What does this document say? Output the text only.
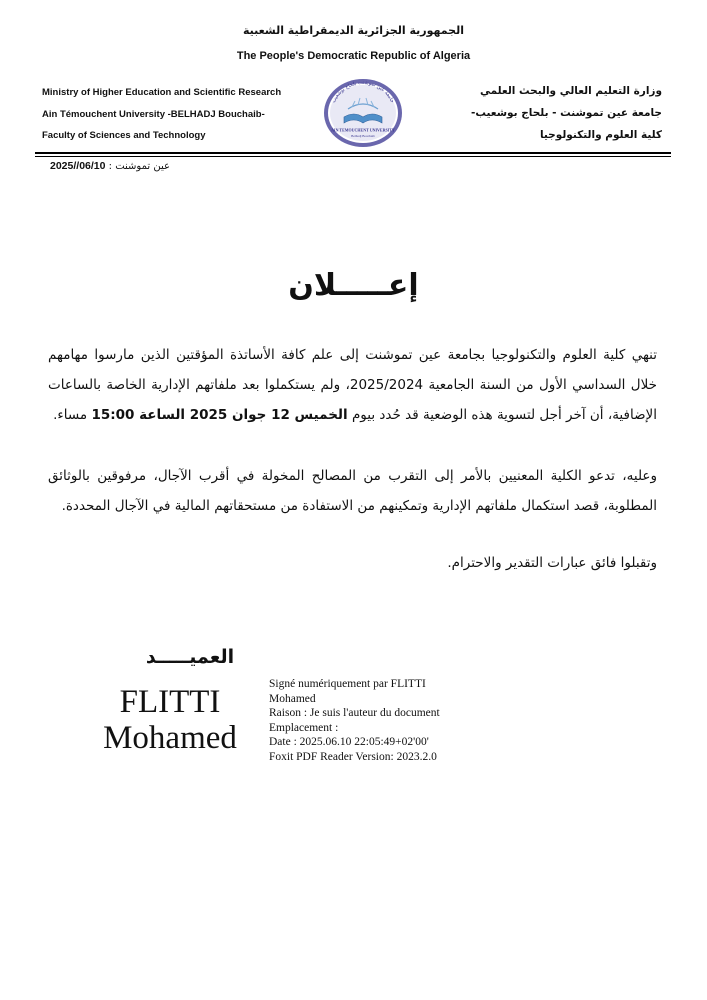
الجمهورية الجزائرية الديمقراطية الشعبية
The People's Democratic Republic of Algeria
Ministry of Higher Education and Scientific Research
Ain Témouchent University -BELHADJ Bouchaib-
Faculty of Sciences and Technology
وزارة التعليم العالي والبحث العلمي
جامعة عين تموشنت - بلحاج بوشعيب-
كلية العلوم والتكنولوجيا
جامعة عين تموشنت بلحاج بوشعيب
AIN TEMOUCHENT UNIVERSITY
Belhadj Bouchaib
2025//06/10 عين تموشنت :
إعـــــلان
تنهي كلية العلوم والتكنولوجيا بجامعة عين تموشنت إلى علم كافة الأساتذة المؤقتين الذين مارسوا مهامهم خلال السداسي الأول من السنة الجامعية 2025/2024، ولم يستكملوا بعد ملفاتهم الإدارية الخاصة بالساعات الإضافية، أن آخر أجل لتسوية هذه الوضعية قد حُدد بيوم الخميس 12 جوان 2025 الساعة 15:00 مساء.
وعليه، تدعو الكلية المعنيين بالأمر إلى التقرب من المصالح المخولة في أقرب الآجال، مرفوقين بالوثائق المطلوبة، قصد استكمال ملفاتهم الإدارية وتمكينهم من الاستفادة من مستحقاتهم المالية في الآجال المحددة.
وتقبلوا فائق عبارات التقدير والاحترام.
العميـــــد
FLITTI
Mohamed
Signé numériquement par FLITTI
Mohamed
Raison : Je suis l'auteur du document
Emplacement :
Date : 2025.06.10 22:05:49+02'00'
Foxit PDF Reader Version: 2023.2.0
